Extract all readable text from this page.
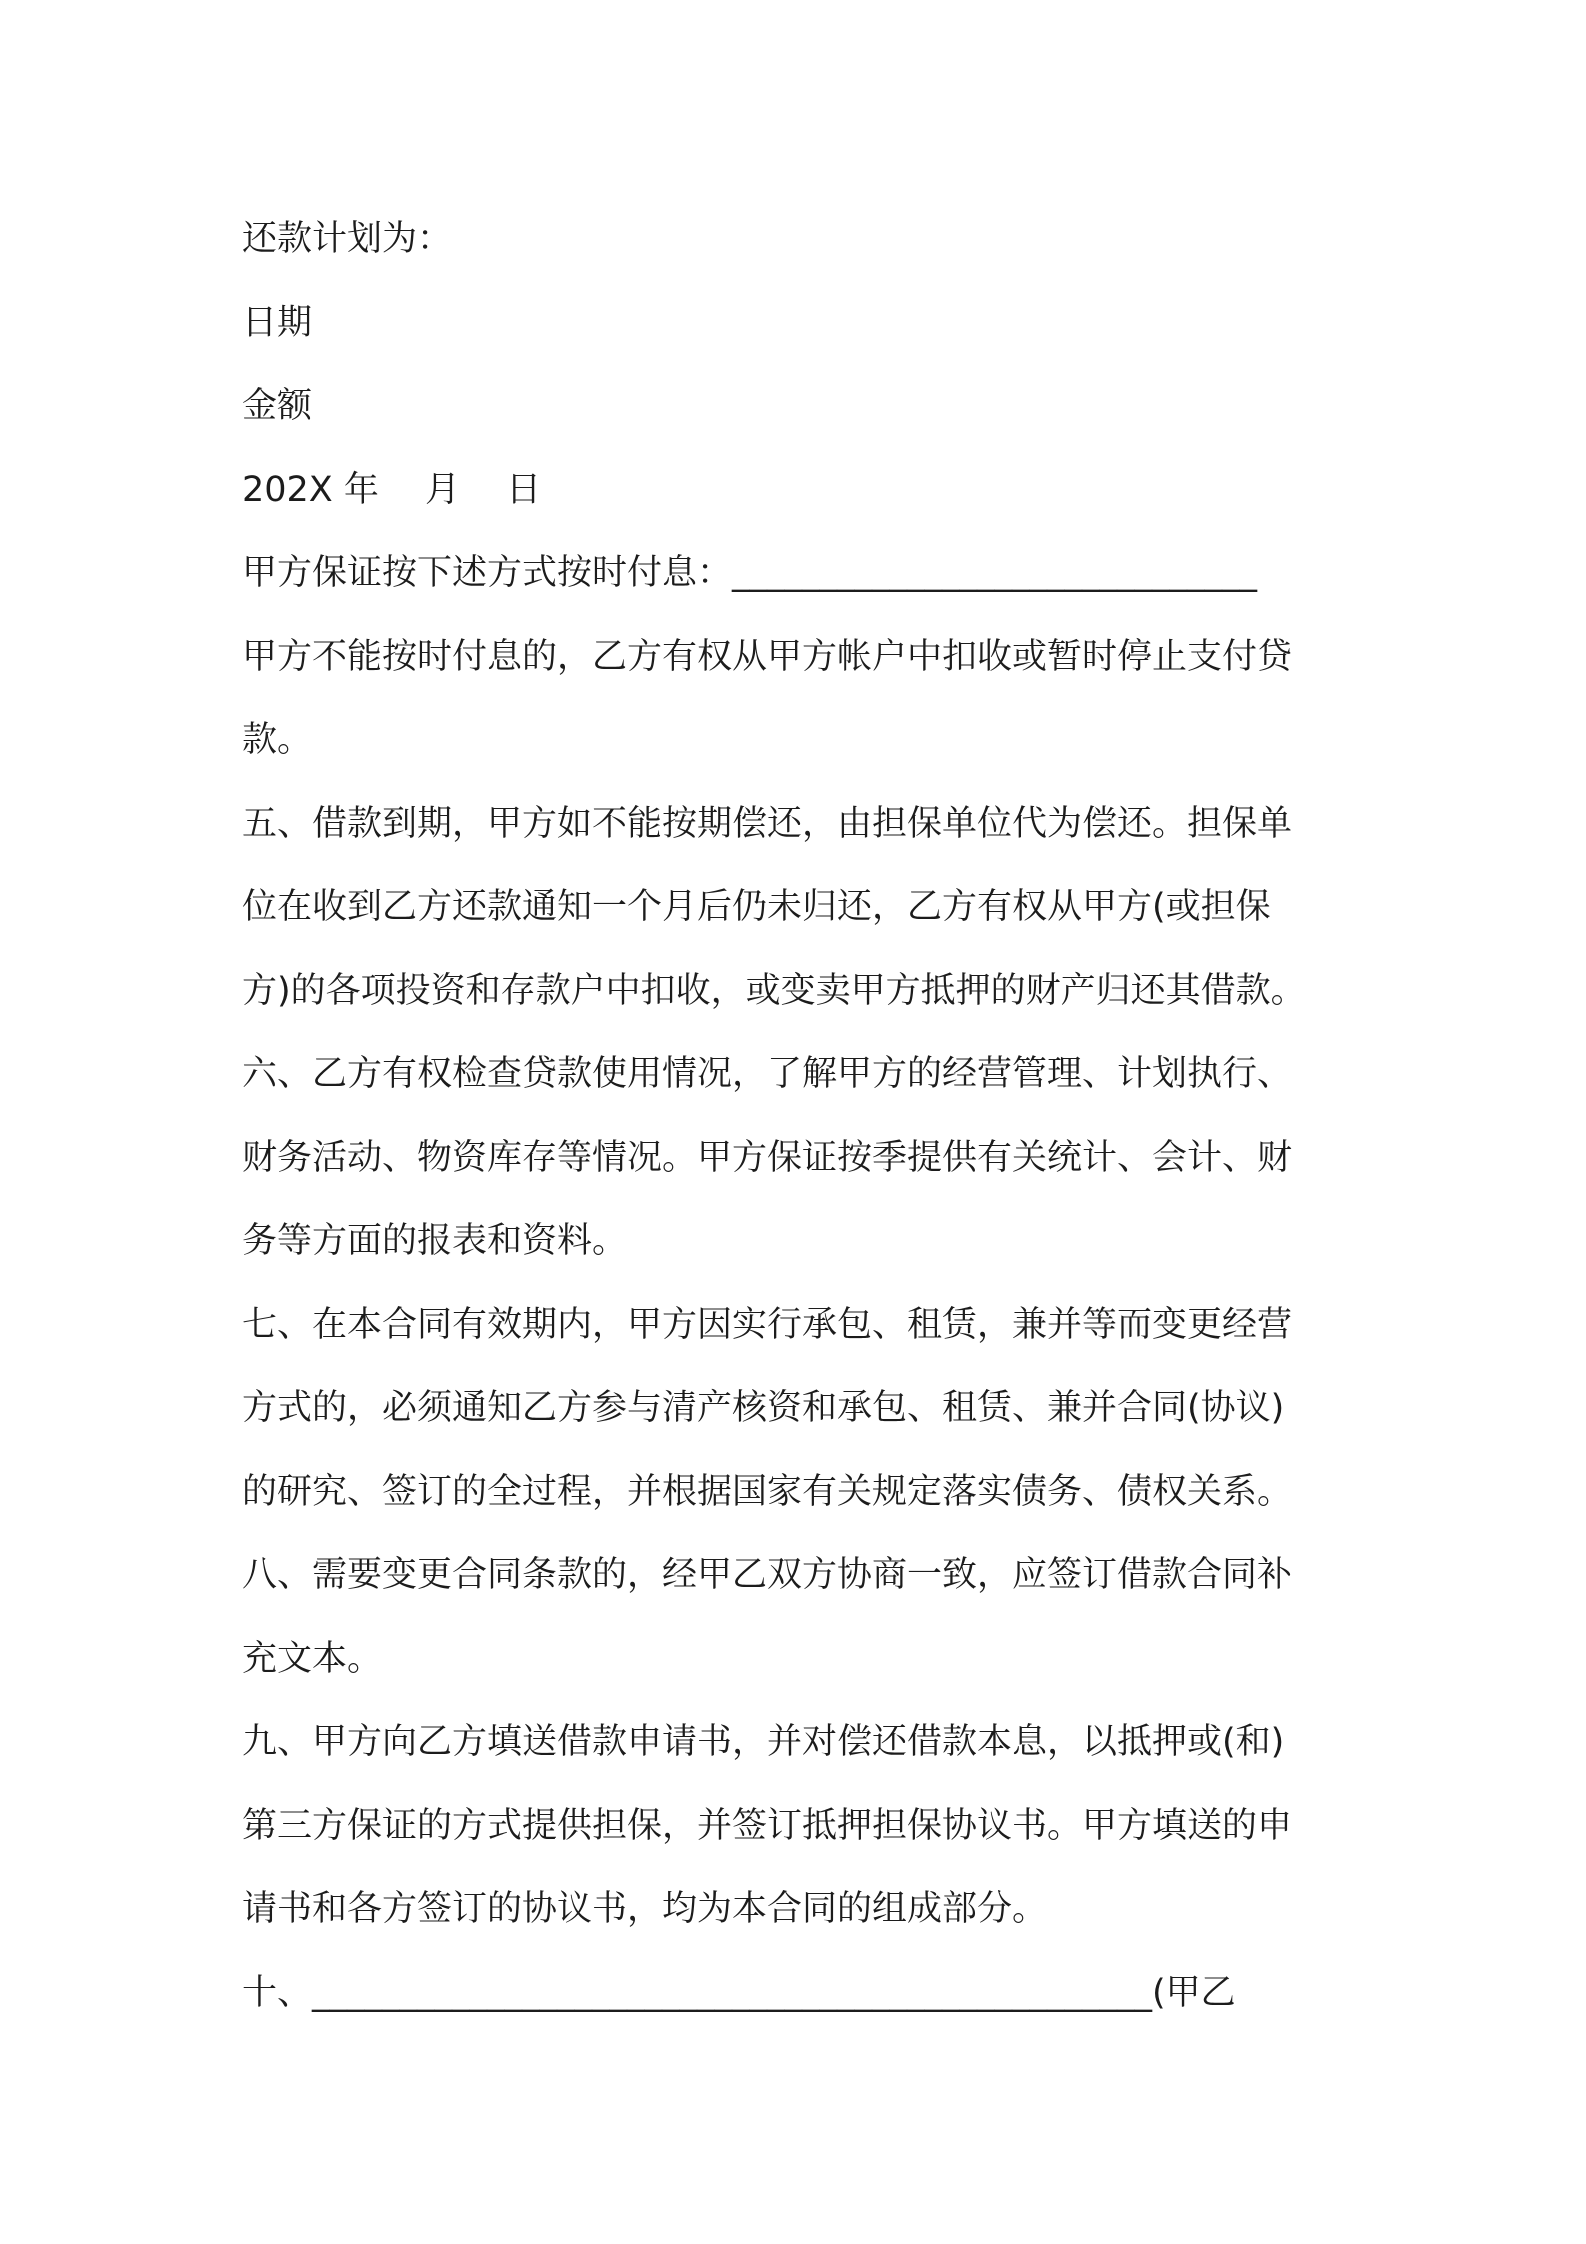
还款计划为：
日期
金额
202X 年　 月　 日
甲方保证按下述方式按时付息：______________________________
甲方不能按时付息的，乙方有权从甲方帐户中扣收或暂时停止支付贷
款。
五、借款到期，甲方如不能按期偿还，由担保单位代为偿还。担保单
位在收到乙方还款通知一个月后仍未归还，乙方有权从甲方(或担保
方)的各项投资和存款户中扣收，或变卖甲方抵押的财产归还其借款。
六、乙方有权检查贷款使用情况，了解甲方的经营管理、计划执行、
财务活动、物资库存等情况。甲方保证按季提供有关统计、会计、财
务等方面的报表和资料。
七、在本合同有效期内，甲方因实行承包、租赁，兼并等而变更经营
方式的，必须通知乙方参与清产核资和承包、租赁、兼并合同(协议)
的研究、签订的全过程，并根据国家有关规定落实债务、债权关系。
八、需要变更合同条款的，经甲乙双方协商一致，应签订借款合同补
充文本。
九、甲方向乙方填送借款申请书，并对偿还借款本息，以抵押或(和)
第三方保证的方式提供担保，并签订抵押担保协议书。甲方填送的申
请书和各方签订的协议书，均为本合同的组成部分。
十、________________________________________________(甲乙
